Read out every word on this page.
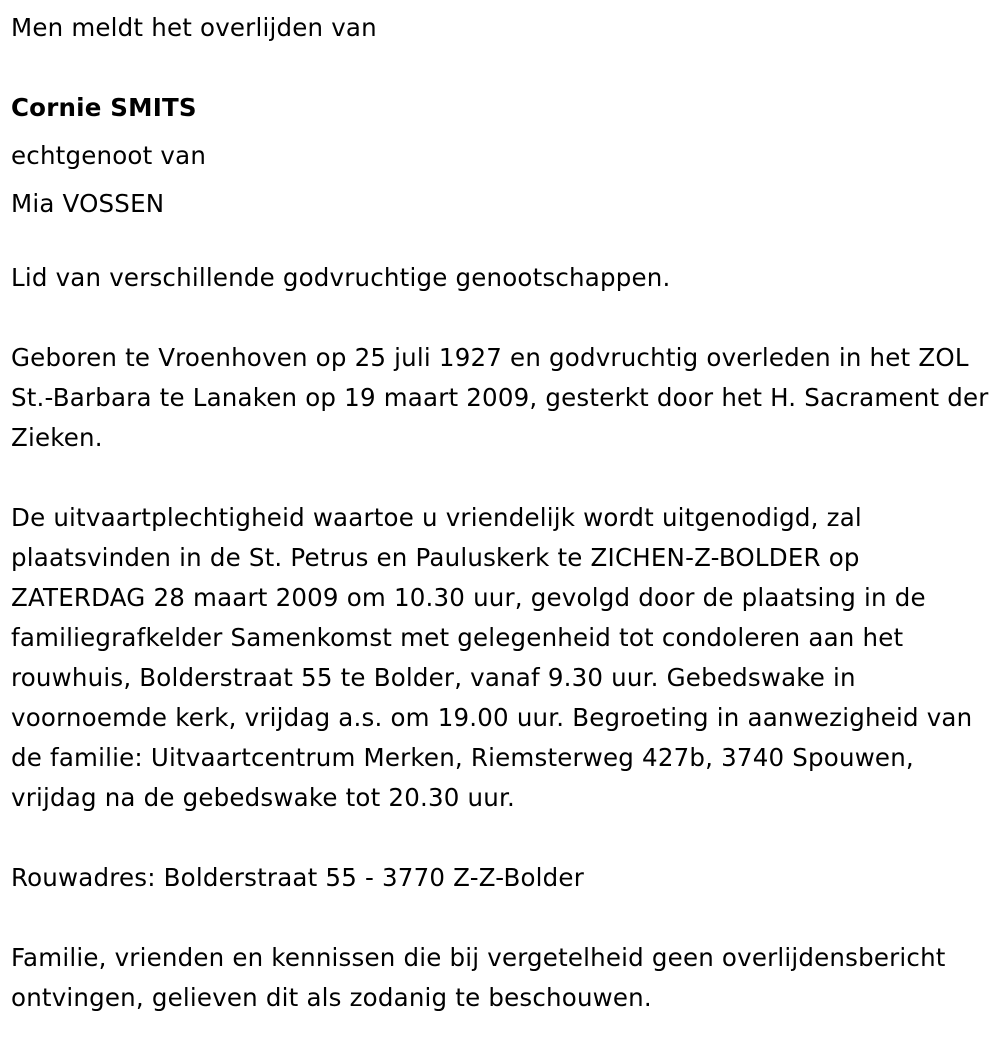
Men meldt het overlijden van
Cornie SMITS
echtgenoot van
Mia VOSSEN

Lid van verschillende godvruchtige genootschappen.

Geboren te Vroenhoven op 25 juli 1927 en godvruchtig overleden in het ZOL St.-Barbara te Lanaken op 19 maart 2009, gesterkt door het H. Sacrament der Zieken.

De uitvaartplechtigheid waartoe u vriendelijk wordt uitgenodigd, zal plaatsvinden in de St. Petrus en Pauluskerk te ZICHEN-Z-BOLDER op ZATERDAG 28 maart 2009 om 10.30 uur, gevolgd door de plaatsing in de familiegrafkelder Samenkomst met gelegenheid tot condoleren aan het rouwhuis, Bolderstraat 55 te Bolder, vanaf 9.30 uur. Gebedswake in voornoemde kerk, vrijdag a.s. om 19.00 uur. Begroeting in aanwezigheid van de familie: Uitvaartcentrum Merken, Riemsterweg 427b, 3740 Spouwen, vrijdag na de gebedswake tot 20.30 uur.

Rouwadres: Bolderstraat 55 - 3770 Z-Z-Bolder

Familie, vrienden en kennissen die bij vergetelheid geen overlijdensbericht ontvingen, gelieven dit als zodanig te beschouwen.
